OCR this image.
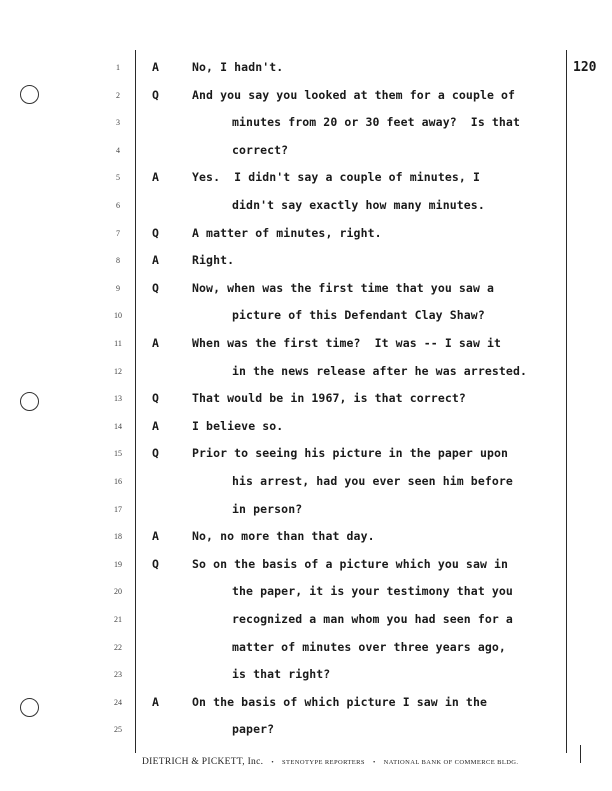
120
1	A	No, I hadn't.
2	Q	And you say you looked at them for a couple of
3	minutes from 20 or 30 feet away?  Is that
4	correct?
5	A	Yes.  I didn't say a couple of minutes, I
6	didn't say exactly how many minutes.
7	Q	A matter of minutes, right.
8	A	Right.
9	Q	Now, when was the first time that you saw a
10	picture of this Defendant Clay Shaw?
11	A	When was the first time?  It was -- I saw it
12	in the news release after he was arrested.
13	Q	That would be in 1967, is that correct?
14	A	I believe so.
15	Q	Prior to seeing his picture in the paper upon
16	his arrest, had you ever seen him before
17	in person?
18	A	No, no more than that day.
19	Q	So on the basis of a picture which you saw in
20	the paper, it is your testimony that you
21	recognized a man whom you had seen for a
22	matter of minutes over three years ago,
23	is that right?
24	A	On the basis of which picture I saw in the
25	paper?
DIETRICH & PICKETT, Inc. • STENOTYPE REPORTERS • NATIONAL BANK OF COMMERCE BLDG.
